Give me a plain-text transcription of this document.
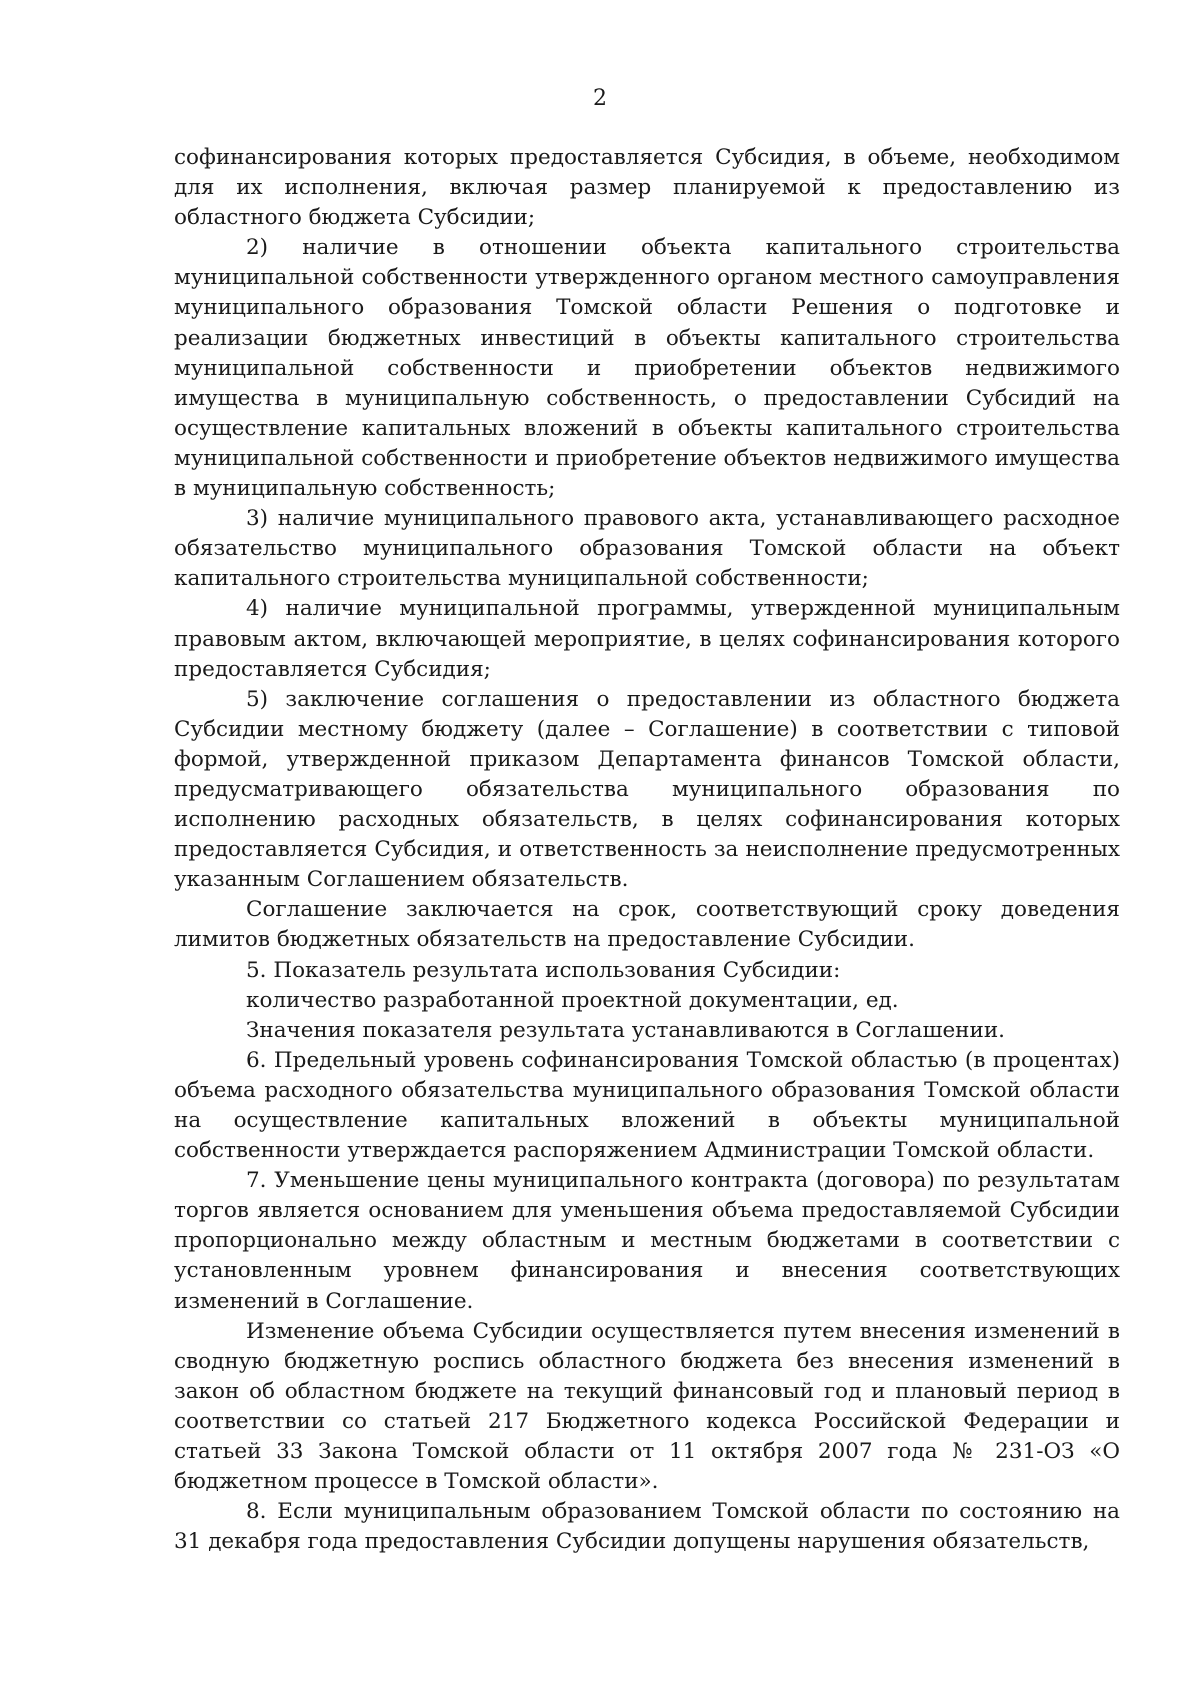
2

софинансирования которых предоставляется Субсидия, в объеме, необходимом для их исполнения, включая размер планируемой к предоставлению из областного бюджета Субсидии;

2) наличие в отношении объекта капитального строительства муниципальной собственности утвержденного органом местного самоуправления муниципального образования Томской области Решения о подготовке и реализации бюджетных инвестиций в объекты капитального строительства муниципальной собственности и приобретении объектов недвижимого имущества в муниципальную собственность, о предоставлении Субсидий на осуществление капитальных вложений в объекты капитального строительства муниципальной собственности и приобретение объектов недвижимого имущества в муниципальную собственность;

3) наличие муниципального правового акта, устанавливающего расходное обязательство муниципального образования Томской области на объект капитального строительства муниципальной собственности;

4) наличие муниципальной программы, утвержденной муниципальным правовым актом, включающей мероприятие, в целях софинансирования которого предоставляется Субсидия;

5) заключение соглашения о предоставлении из областного бюджета Субсидии местному бюджету (далее – Соглашение) в соответствии с типовой формой, утвержденной приказом Департамента финансов Томской области, предусматривающего обязательства муниципального образования по исполнению расходных обязательств, в целях софинансирования которых предоставляется Субсидия, и ответственность за неисполнение предусмотренных указанным Соглашением обязательств.

Соглашение заключается на срок, соответствующий сроку доведения лимитов бюджетных обязательств на предоставление Субсидии.

5. Показатель результата использования Субсидии:

количество разработанной проектной документации, ед.

Значения показателя результата устанавливаются в Соглашении.

6. Предельный уровень софинансирования Томской областью (в процентах) объема расходного обязательства муниципального образования Томской области на осуществление капитальных вложений в объекты муниципальной собственности утверждается распоряжением Администрации Томской области.

7. Уменьшение цены муниципального контракта (договора) по результатам торгов является основанием для уменьшения объема предоставляемой Субсидии пропорционально между областным и местным бюджетами в соответствии с установленным уровнем финансирования и внесения соответствующих изменений в Соглашение.

Изменение объема Субсидии осуществляется путем внесения изменений в сводную бюджетную роспись областного бюджета без внесения изменений в закон об областном бюджете на текущий финансовый год и плановый период в соответствии со статьей 217 Бюджетного кодекса Российской Федерации и статьей 33 Закона Томской области от 11 октября 2007 года № 231-ОЗ «О бюджетном процессе в Томской области».

8. Если муниципальным образованием Томской области по состоянию на 31 декабря года предоставления Субсидии допущены нарушения обязательств,
